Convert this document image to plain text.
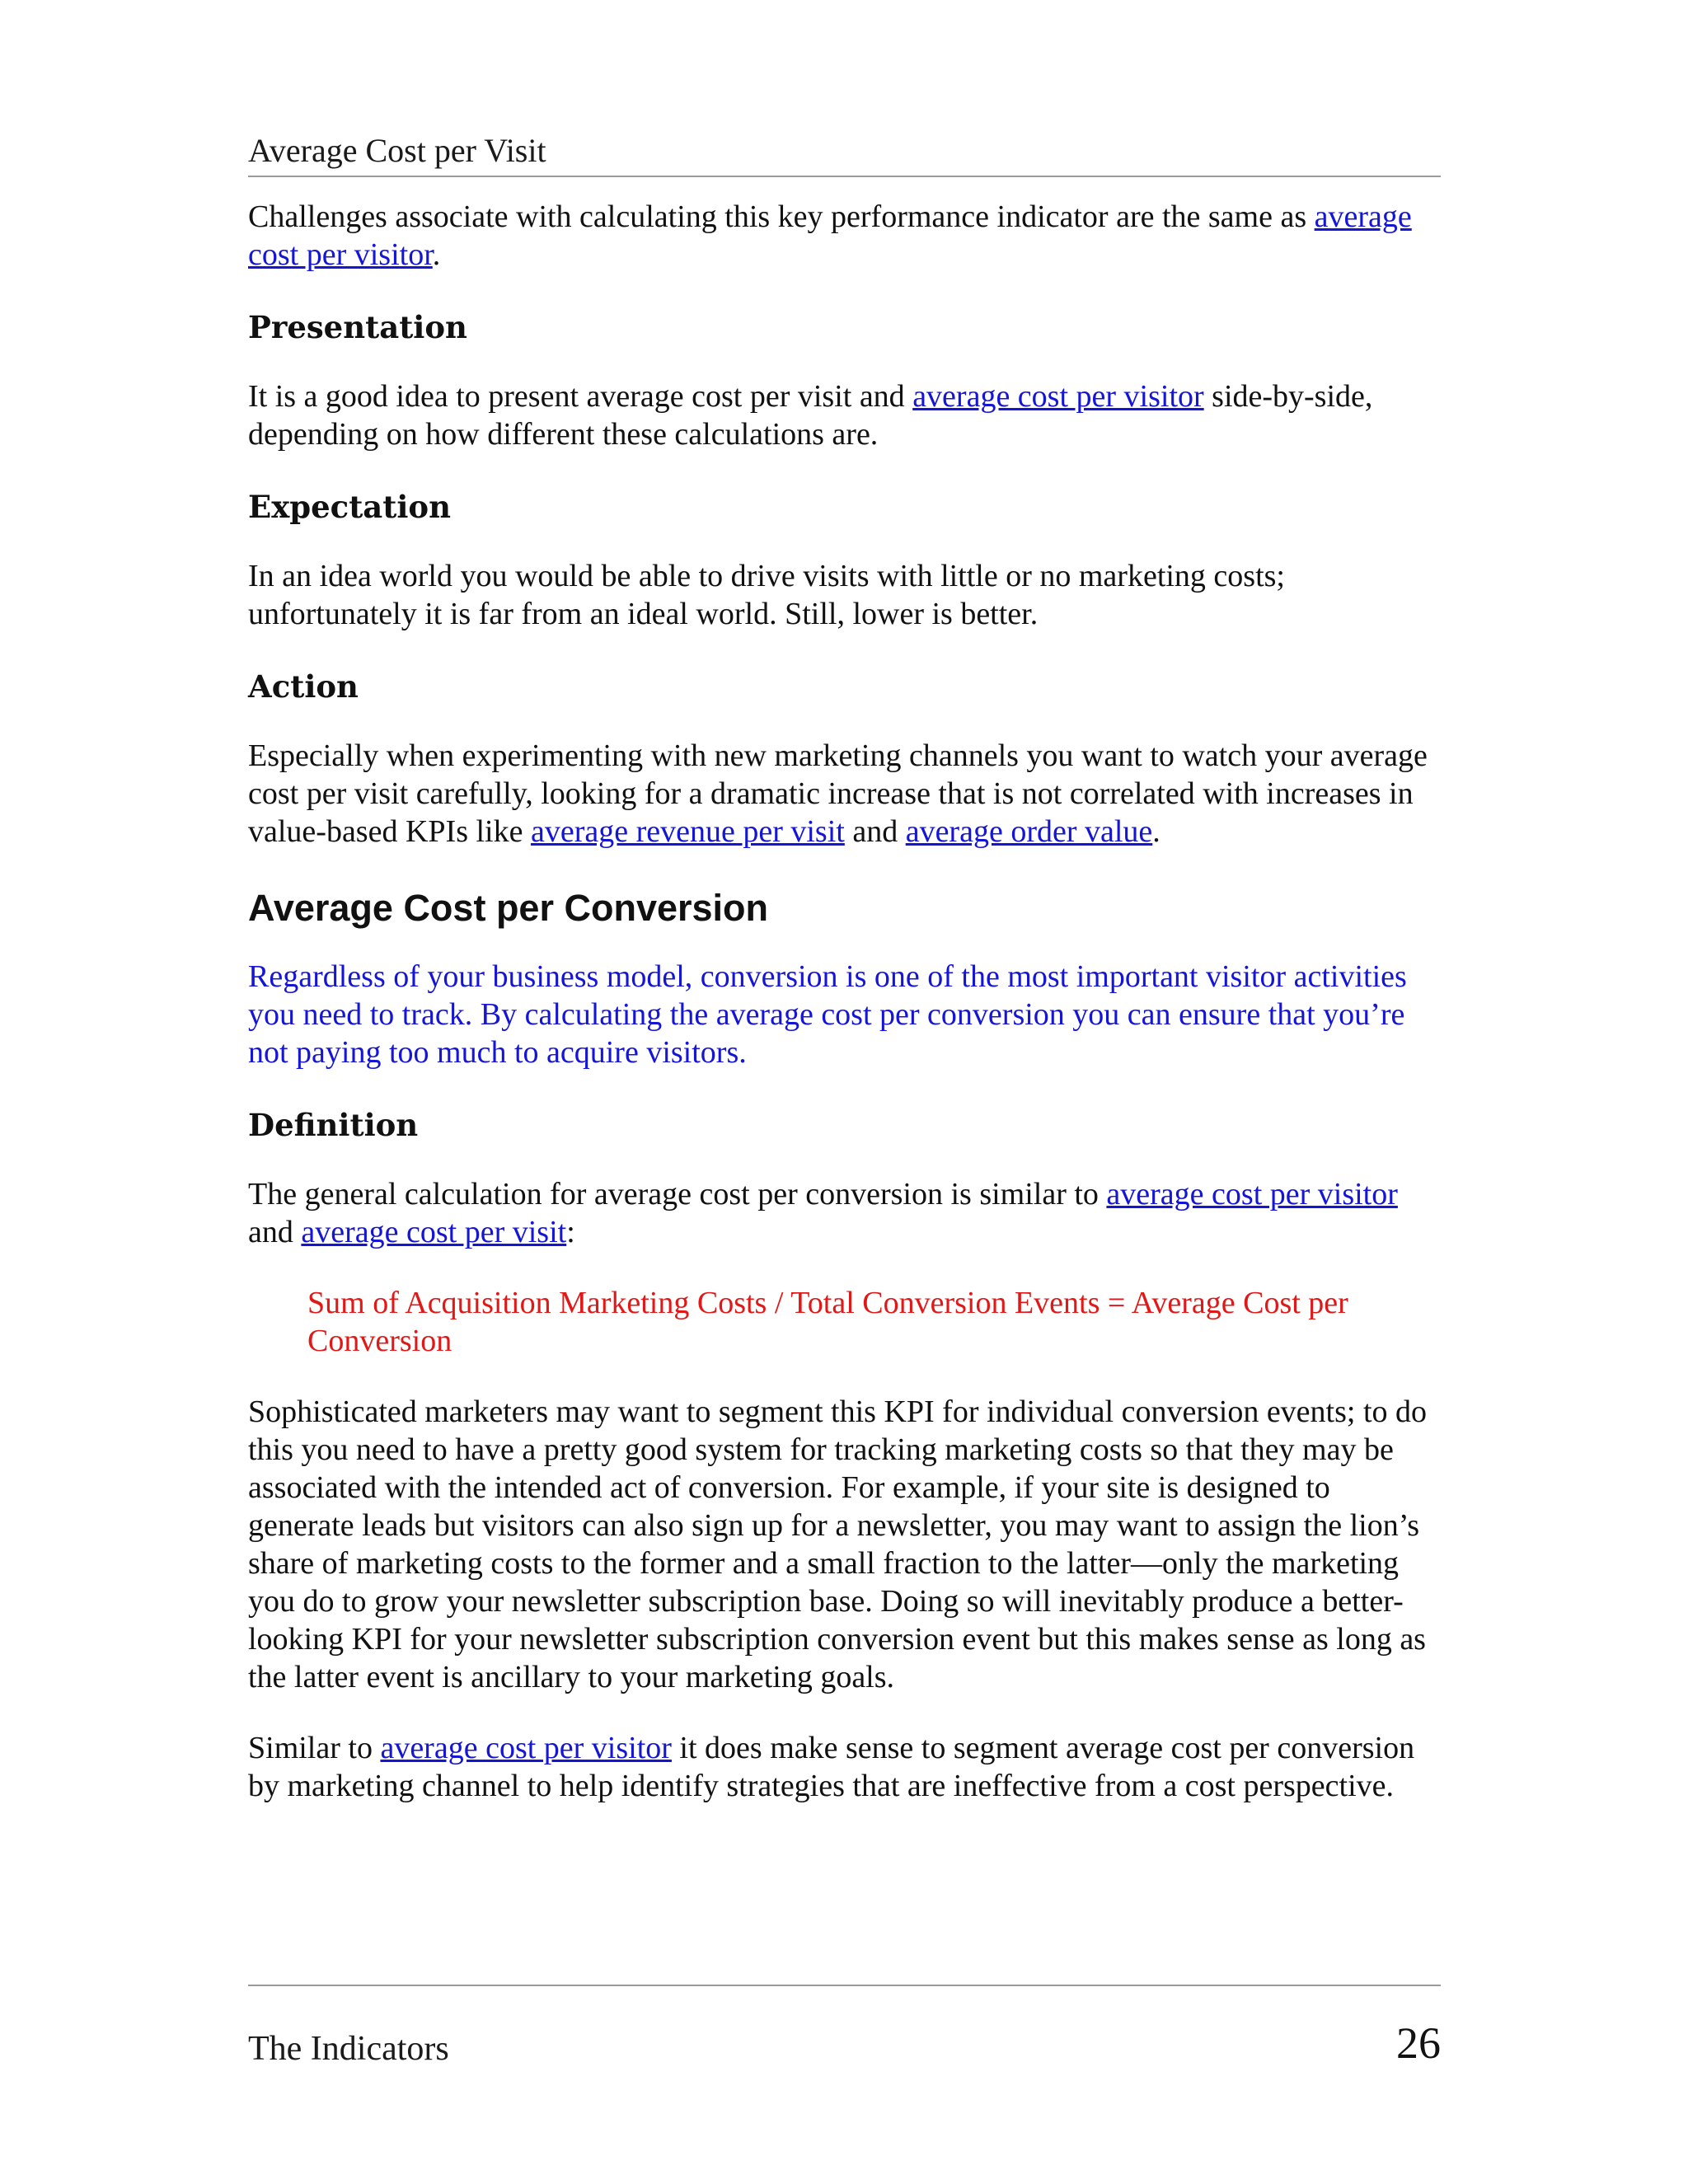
Average Cost per Visit

Challenges associate with calculating this key performance indicator are the same as average cost per visitor.

Presentation

It is a good idea to present average cost per visit and average cost per visitor side-by-side, depending on how different these calculations are.

Expectation

In an idea world you would be able to drive visits with little or no marketing costs; unfortunately it is far from an ideal world. Still, lower is better.

Action

Especially when experimenting with new marketing channels you want to watch your average cost per visit carefully, looking for a dramatic increase that is not correlated with increases in value-based KPIs like average revenue per visit and average order value.

Average Cost per Conversion

Regardless of your business model, conversion is one of the most important visitor activities you need to track. By calculating the average cost per conversion you can ensure that you’re not paying too much to acquire visitors.

Definition

The general calculation for average cost per conversion is similar to average cost per visitor and average cost per visit:

Sum of Acquisition Marketing Costs / Total Conversion Events = Average Cost per Conversion

Sophisticated marketers may want to segment this KPI for individual conversion events; to do this you need to have a pretty good system for tracking marketing costs so that they may be associated with the intended act of conversion. For example, if your site is designed to generate leads but visitors can also sign up for a newsletter, you may want to assign the lion’s share of marketing costs to the former and a small fraction to the latter—only the marketing you do to grow your newsletter subscription base. Doing so will inevitably produce a better-looking KPI for your newsletter subscription conversion event but this makes sense as long as the latter event is ancillary to your marketing goals.

Similar to average cost per visitor it does make sense to segment average cost per conversion by marketing channel to help identify strategies that are ineffective from a cost perspective.

The Indicators	26
